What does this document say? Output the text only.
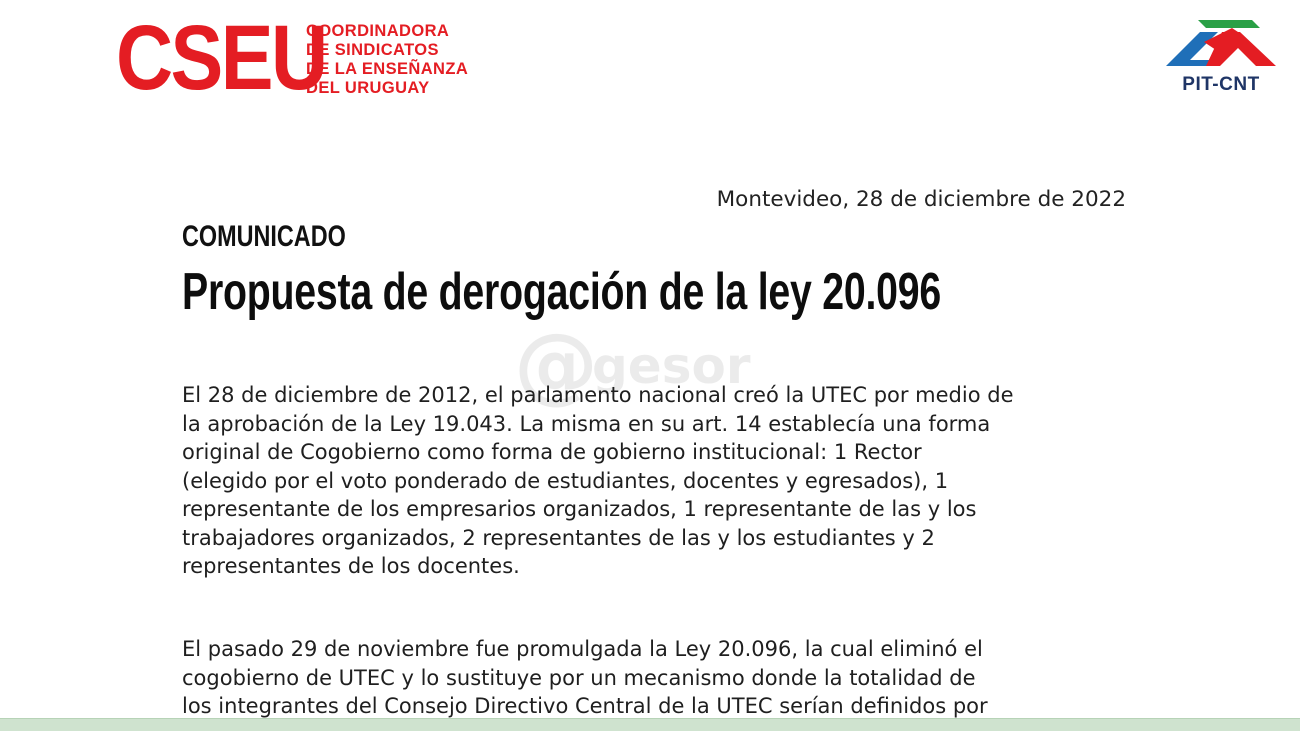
CSEU
COORDINADORA
DE SINDICATOS
DE LA ENSEÑANZA
DEL URUGUAY	PIT-CNT
Montevideo, 28 de diciembre de 2022
COMUNICADO
Propuesta de derogación de la ley 20.096
@
gesor
El 28 de diciembre de 2012, el parlamento nacional creó la UTEC por medio de
la aprobación de la Ley 19.043. La misma en su art. 14 establecía una forma
original de Cogobierno como forma de gobierno institucional: 1 Rector
(elegido por el voto ponderado de estudiantes, docentes y egresados), 1
representante de los empresarios organizados, 1 representante de las y los
trabajadores organizados, 2 representantes de las y los estudiantes y 2
representantes de los docentes.
El pasado 29 de noviembre fue promulgada la Ley 20.096, la cual eliminó el
cogobierno de UTEC y lo sustituye por un mecanismo donde la totalidad de
los integrantes del Consejo Directivo Central de la UTEC serían definidos por
